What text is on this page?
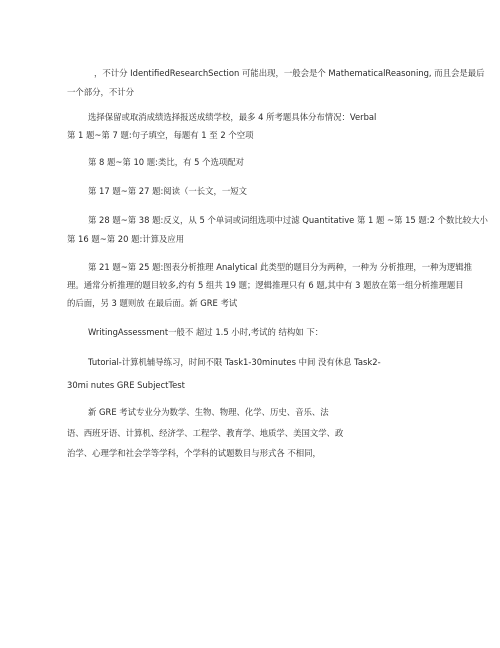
，不计分 IdentifiedResearchSection 可能出现，一般会是个 MathematicalReasoning, 而且会是最后
一个部分，不计分
选择保留或取消成绩选择报送成绩学校，最多 4 所考题具体分布情况：Verbal
第 1 题~第 7 题:句子填空，每题有 1 至 2 个空项
第 8 题~第 10 题:类比，有 5 个选项配对
第 17 题~第 27 题:阅读（一长文，一短文
第 28 题~第 38 题:反义，从 5 个单词或词组选项中过滤 Quantitative 第 1 题 ~第 15 题:2 个数比较大小
第 16 题~第 20 题:计算及应用
第 21 题~第 25 题:图表分析推理 Analytical 此类型的题目分为两种，一种为 分析推理，一种为逻辑推
理。通常分析推理的题目较多,约有 5 组共 19 题；逻辑推理只有 6 题,其中有 3 题放在第一组分析推理题目
的后面，另 3 题则放 在最后面。新 GRE 考试
WritingAssessment一般不 超过 1.5 小时,考试的 结构如 下：
Tutorial-计算机辅导练习，时间不限 Task1-30minutes 中间 没有休息 Task2-
30mi nutes GRE SubjectTest
新 GRE 考试专业分为数学、生物、物理、化学、历史、音乐、法
语、西班牙语、计算机、经济学、工程学、教育学、地质学、美国文学、政
治学、心理学和社会学等学科，个学科的试题数目与形式各 不相同，
